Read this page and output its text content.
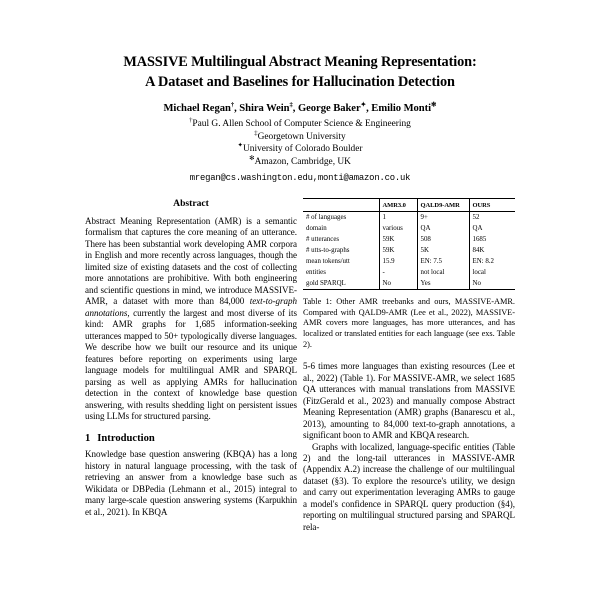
MASSIVE Multilingual Abstract Meaning Representation:
A Dataset and Baselines for Hallucination Detection
Michael Regan†, Shira Wein‡, George Baker✦, Emilio Monti✻
†Paul G. Allen School of Computer Science & Engineering
‡Georgetown University
✦University of Colorado Boulder
✻Amazon, Cambridge, UK
mregan@cs.washington.edu,monti@amazon.co.uk
Abstract

Abstract Meaning Representation (AMR) is a semantic formalism that captures the core meaning of an utterance. There has been substantial work developing AMR corpora in English and more recently across languages, though the limited size of existing datasets and the cost of collecting more annotations are prohibitive. With both engineering and scientific questions in mind, we introduce MASSIVE-AMR, a dataset with more than 84,000 text-to-graph annotations, currently the largest and most diverse of its kind: AMR graphs for 1,685 information-seeking utterances mapped to 50+ typologically diverse languages. We describe how we built our resource and its unique features before reporting on experiments using large language models for multilingual AMR and SPARQL parsing as well as applying AMRs for hallucination detection in the context of knowledge base question answering, with results shedding light on persistent issues using LLMs for structured parsing.

1 Introduction

Knowledge base question answering (KBQA) has a long history in natural language processing, with the task of retrieving an answer from a knowledge base such as Wikidata or DBPedia (Lehmann et al., 2015) integral to many large-scale question answering systems (Karpukhin et al., 2021). In KBQA

	AMR3.0	QALD9-AMR	OURS
# of languages	1	9+	52
domain	various	QA	QA
# utterances	59K	508	1685
# utts-to-graphs	59K	5K	84K
mean tokens/utt	15.9	EN: 7.5	EN: 8.2
entities	-	not local	local
gold SPARQL	No	Yes	No

Table 1: Other AMR treebanks and ours, MASSIVE-AMR. Compared with QALD9-AMR (Lee et al., 2022), MASSIVE-AMR covers more languages, has more utterances, and has localized or translated entities for each language (see exs. Table 2).

5-6 times more languages than existing resources (Lee et al., 2022) (Table 1). For MASSIVE-AMR, we select 1685 QA utterances with manual translations from MASSIVE (FitzGerald et al., 2023) and manually compose Abstract Meaning Representation (AMR) graphs (Banarescu et al., 2013), amounting to 84,000 text-to-graph annotations, a significant boon to AMR and KBQA research.

Graphs with localized, language-specific entities (Table 2) and the long-tail utterances in MASSIVE-AMR (Appendix A.2) increase the challenge of our multilingual dataset (§3). To explore the resource's utility, we design and carry out experimentation leveraging AMRs to gauge a model's confidence in SPARQL query production (§4), reporting on multilingual structured parsing and SPARQL rela-
